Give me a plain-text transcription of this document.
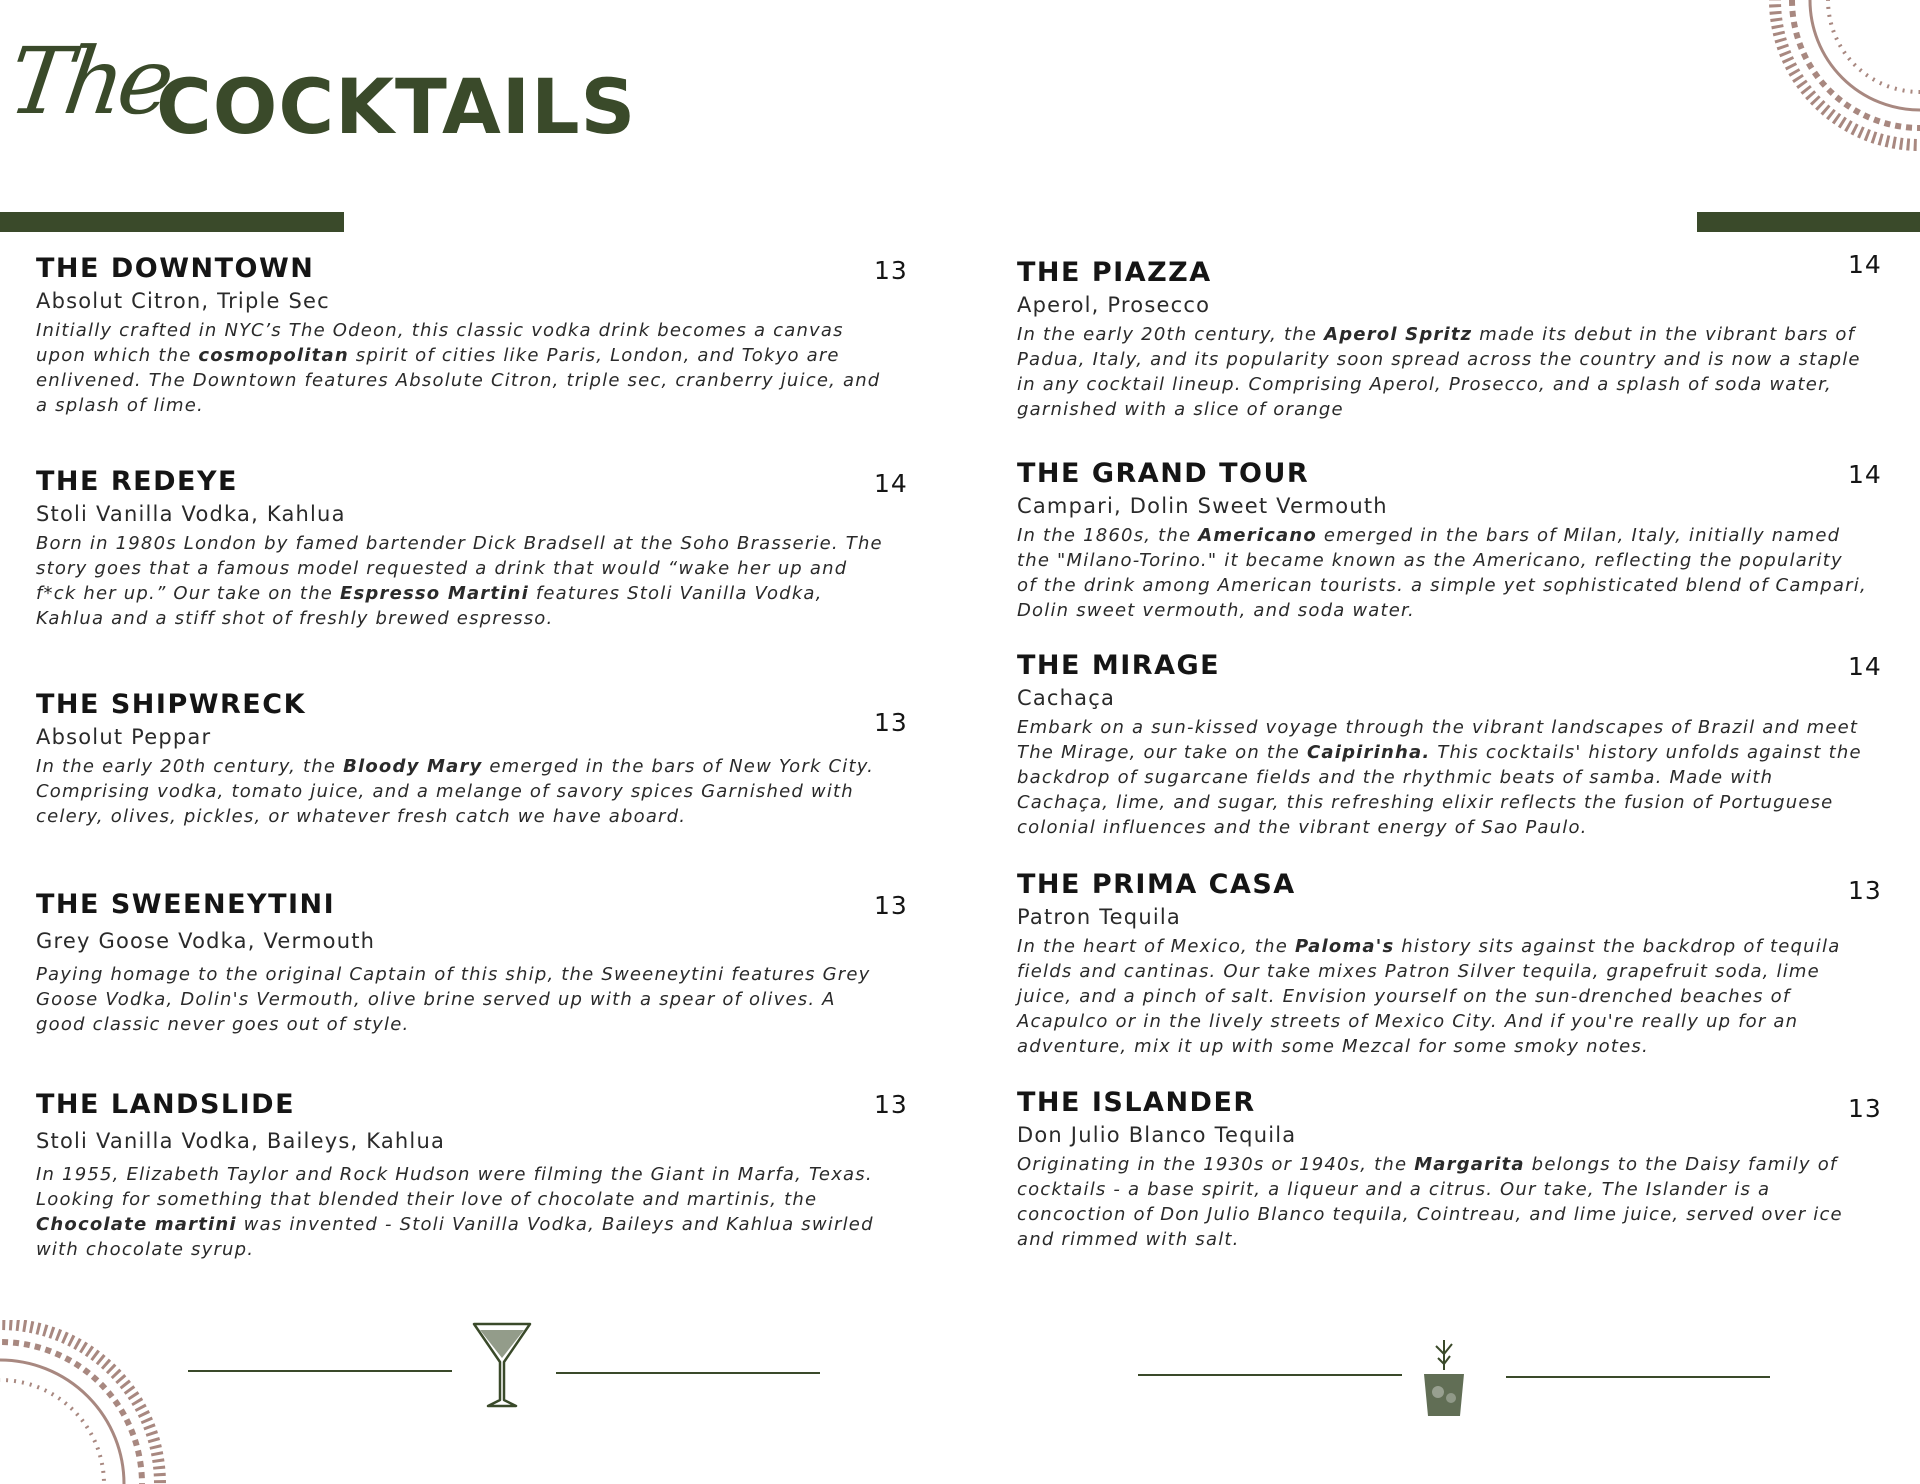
The
COCKTAILS
THE DOWNTOWN
Absolut Citron, Triple Sec
Initially crafted in NYC’s The Odeon, this classic vodka drink becomes a canvas upon which the cosmopolitan spirit of cities like Paris, London, and Tokyo are enlivened. The Downtown features Absolute Citron, triple sec, cranberry juice, and a splash of lime.
13
THE REDEYE
Stoli Vanilla Vodka, Kahlua
Born in 1980s London by famed bartender Dick Bradsell at the Soho Brasserie. The story goes that a famous model requested a drink that would “wake her up and f*ck her up.” Our take on the Espresso Martini features Stoli Vanilla Vodka, Kahlua and a stiff shot of freshly brewed espresso.
14
THE SHIPWRECK
Absolut Peppar
In the early 20th century, the Bloody Mary emerged in the bars of New York City. Comprising vodka, tomato juice, and a melange of savory spices Garnished with celery, olives, pickles, or whatever fresh catch we have aboard.
13
THE SWEENEYTINI
Grey Goose Vodka, Vermouth
Paying homage to the original Captain of this ship, the Sweeneytini features Grey Goose Vodka, Dolin's Vermouth, olive brine served up with a spear of olives. A good classic never goes out of style.
13
THE LANDSLIDE
Stoli Vanilla Vodka, Baileys, Kahlua
In 1955, Elizabeth Taylor and Rock Hudson were filming the Giant in Marfa, Texas. Looking for something that blended their love of chocolate and martinis, the Chocolate martini was invented - Stoli Vanilla Vodka, Baileys and Kahlua swirled with chocolate syrup.
13
THE PIAZZA
Aperol, Prosecco
In the early 20th century, the Aperol Spritz made its debut in the vibrant bars of Padua, Italy, and its popularity soon spread across the country and is now a staple in any cocktail lineup. Comprising Aperol, Prosecco, and a splash of soda water, garnished with a slice of orange
14
THE GRAND TOUR
Campari, Dolin Sweet Vermouth
In the 1860s, the Americano emerged in the bars of Milan, Italy, initially named the "Milano-Torino." it became known as the Americano, reflecting the popularity of the drink among American tourists. a simple yet sophisticated blend of Campari, Dolin sweet vermouth, and soda water.
14
THE MIRAGE
Cachaça
Embark on a sun-kissed voyage through the vibrant landscapes of Brazil and meet The Mirage, our take on the Caipirinha. This cocktails' history unfolds against the backdrop of sugarcane fields and the rhythmic beats of samba. Made with Cachaça, lime, and sugar, this refreshing elixir reflects the fusion of Portuguese colonial influences and the vibrant energy of Sao Paulo.
14
THE PRIMA CASA
Patron Tequila
In the heart of Mexico, the Paloma's history sits against the backdrop of tequila fields and cantinas. Our take mixes Patron Silver tequila, grapefruit soda, lime juice, and a pinch of salt. Envision yourself on the sun-drenched beaches of Acapulco or in the lively streets of Mexico City. And if you're really up for an adventure, mix it up with some Mezcal for some smoky notes.
13
THE ISLANDER
Don Julio Blanco Tequila
Originating in the 1930s or 1940s, the Margarita belongs to the Daisy family of cocktails - a base spirit, a liqueur and a citrus. Our take, The Islander is a concoction of Don Julio Blanco tequila, Cointreau, and lime juice, served over ice and rimmed with salt.
13
